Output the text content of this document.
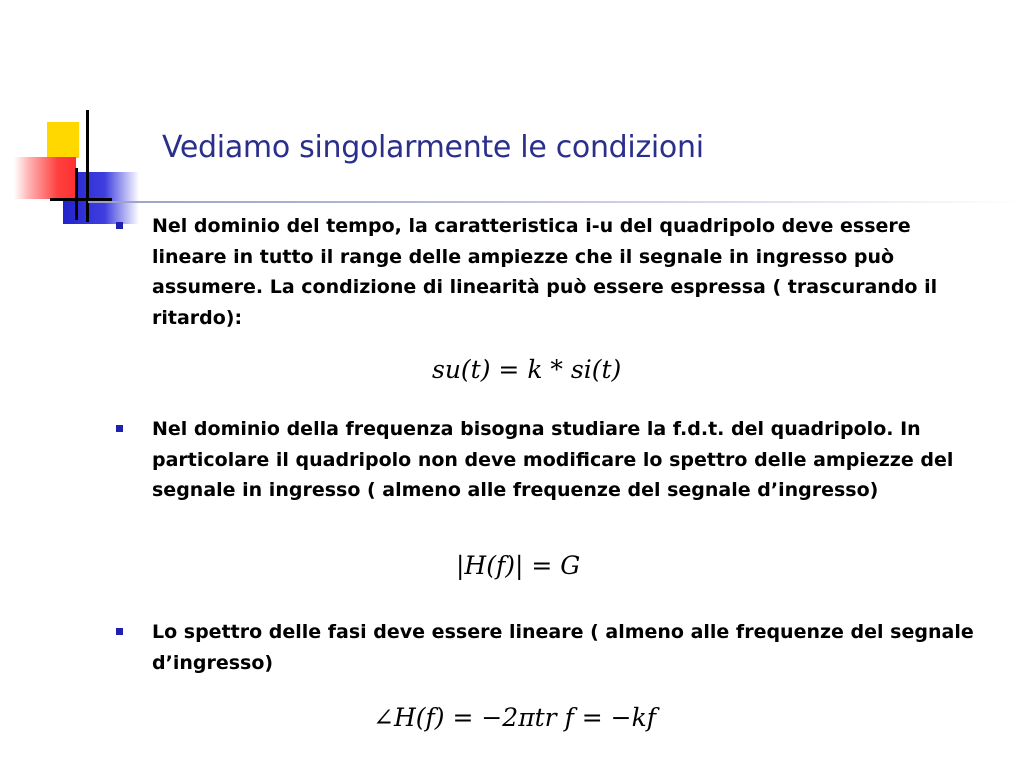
Vediamo singolarmente le condizioni
Nel dominio del tempo, la caratteristica i-u del quadripolo deve essere lineare in tutto il range delle ampiezze che il segnale in ingresso può assumere. La condizione di linearità può essere espressa ( trascurando il ritardo):
su(t) = k * si(t)
Nel dominio della frequenza bisogna studiare la f.d.t. del quadripolo. In particolare il quadripolo non deve modificare lo spettro delle ampiezze del segnale in ingresso ( almeno alle frequenze del segnale d’ingresso)
|H(f)| = G
Lo spettro delle fasi deve essere lineare ( almeno alle frequenze del segnale d’ingresso)
∠H(f) = −2πtr f = −kf
